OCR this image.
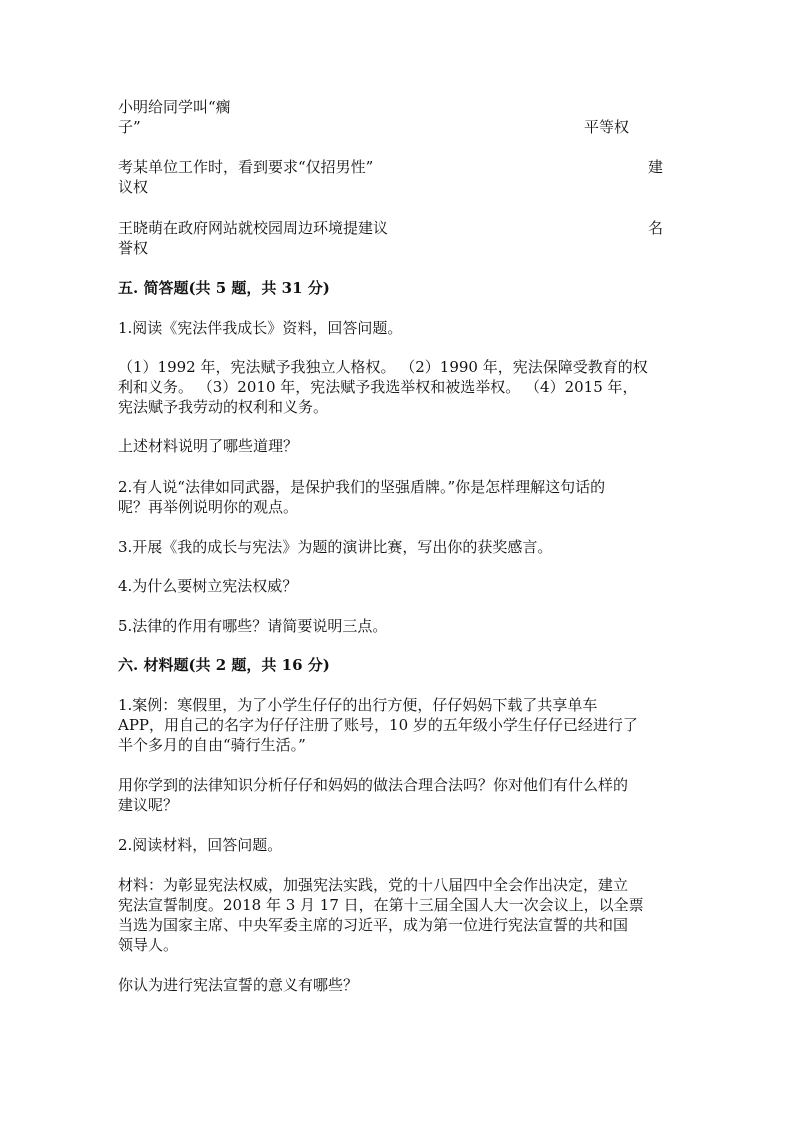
小明给同学叫“瘸
子”	平等权
考某单位工作时，看到要求“仅招男性”
议权
建
王晓萌在政府网站就校园周边环境提建议
誉权
名
五. 简答题(共 5 题，共 31 分)
1.阅读《宪法伴我成长》资料，回答问题。
（1）1992 年，宪法赋予我独立人格权。 （2）1990 年，宪法保障受教育的权
利和义务。 （3）2010 年，宪法赋予我选举权和被选举权。 （4）2015 年，
宪法赋予我劳动的权利和义务。
上述材料说明了哪些道理？
2.有人说“法律如同武器，是保护我们的坚强盾牌。”你是怎样理解这句话的
呢？再举例说明你的观点。
3.开展《我的成长与宪法》为题的演讲比赛，写出你的获奖感言。
4.为什么要树立宪法权威？
5.法律的作用有哪些？请简要说明三点。
六. 材料题(共 2 题，共 16 分)
1.案例：寒假里，为了小学生仔仔的出行方便，仔仔妈妈下载了共享单车
APP，用自己的名字为仔仔注册了账号，10 岁的五年级小学生仔仔已经进行了
半个多月的自由“骑行生活。”
用你学到的法律知识分析仔仔和妈妈的做法合理合法吗？你对他们有什么样的
建议呢？
2.阅读材料，回答问题。
材料：为彰显宪法权威，加强宪法实践，党的十八届四中全会作出决定，建立
宪法宣誓制度。2018 年 3 月 17 日，在第十三届全国人大一次会议上，以全票
当选为国家主席、中央军委主席的习近平，成为第一位进行宪法宣誓的共和国
领导人。
你认为进行宪法宣誓的意义有哪些？
